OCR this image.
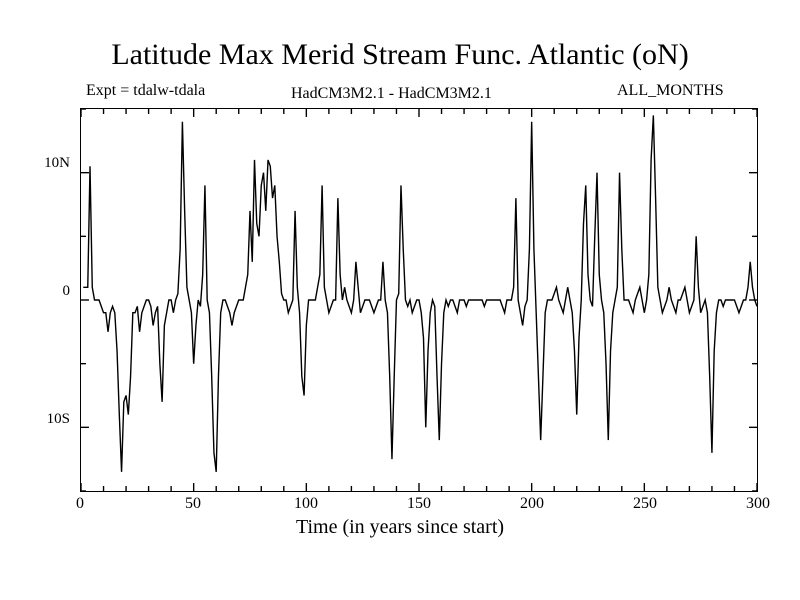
Latitude Max Merid Stream Func. Atlantic (oN)
Expt = tdalw-tdala	HadCM3M2.1 - HadCM3M2.1	ALL_MONTHS
10N
0
10S
0	50	100	150	200	250	300
Time (in years since start)
